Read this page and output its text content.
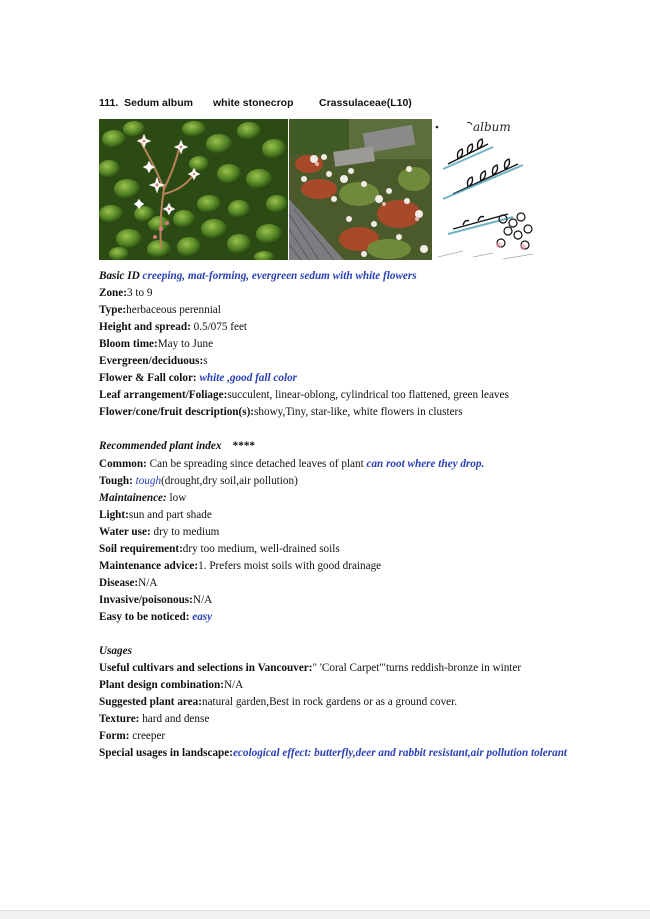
111. Sedum album white stonecrop Crassulaceae(L10)
album
Basic ID creeping, mat-forming, evergreen sedum with white flowers
Zone:3 to 9
Type:herbaceous perennial
Height and spread: 0.5/075 feet
Bloom time:May to June
Evergreen/deciduous:s
Flower & Fall color: white ,good fall color
Leaf arrangement/Foliage:succulent, linear-oblong, cylindrical too flattened, green leaves
Flower/cone/fruit description(s):showy,Tiny, star-like, white flowers in clusters
Recommended plant index ****
Common: Can be spreading since detached leaves of plant can root where they drop.
Tough: tough(drought,dry soil,air pollution)
Maintainence: low
Light:sun and part shade
Water use: dry to medium
Soil requirement:dry too medium, well-drained soils
Maintenance advice:1. Prefers moist soils with good drainage
Disease:N/A
Invasive/poisonous:N/A
Easy to be noticed: easy
Usages
Useful cultivars and selections in Vancouver:" 'Coral Carpet'"turns reddish-bronze in winter
Plant design combination:N/A
Suggested plant area:natural garden,Best in rock gardens or as a ground cover.
Texture: hard and dense
Form: creeper
Special usages in landscape:ecological effect: butterfly,deer and rabbit resistant,air pollution tolerant
